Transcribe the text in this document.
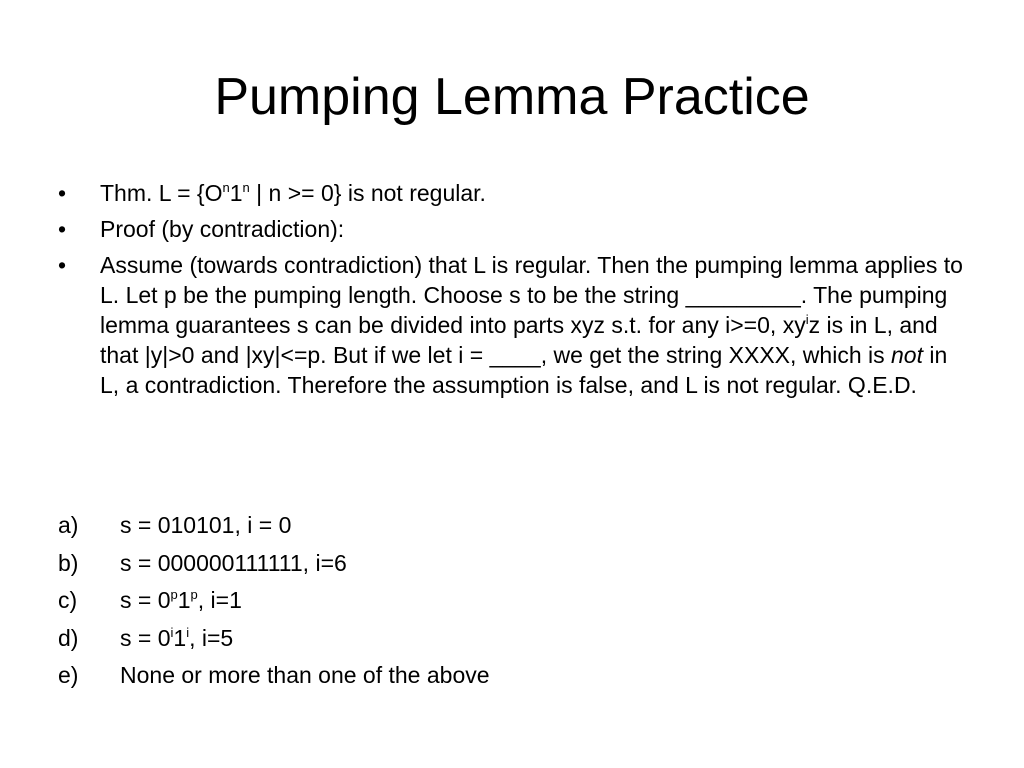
Pumping Lemma Practice
•	Thm. $L = \{O^n1^n$ | n >= 0} is not regular.
•	Proof (by contradiction):
•	Assume (towards contradiction) that L is regular. Then the pumping lemma applies to L. Let p be the pumping length. Choose s to be the string _________. The pumping lemma guarantees s can be divided into parts xyz s.t. for any i>=0, $xy^iz$ is in L, and that |y|>0 and |xy|<=p. But if we let i = ____, we get the string XXXX, which is not in L, a contradiction. Therefore the assumption is false, and L is not regular. Q.E.D.
a) s = 010101, i = 0
b) s = 000000111111, i=6
c) $s = 0^p1^p$, i=1
d) $s = 0^i1^i$, i=5
e) None or more than one of the above
